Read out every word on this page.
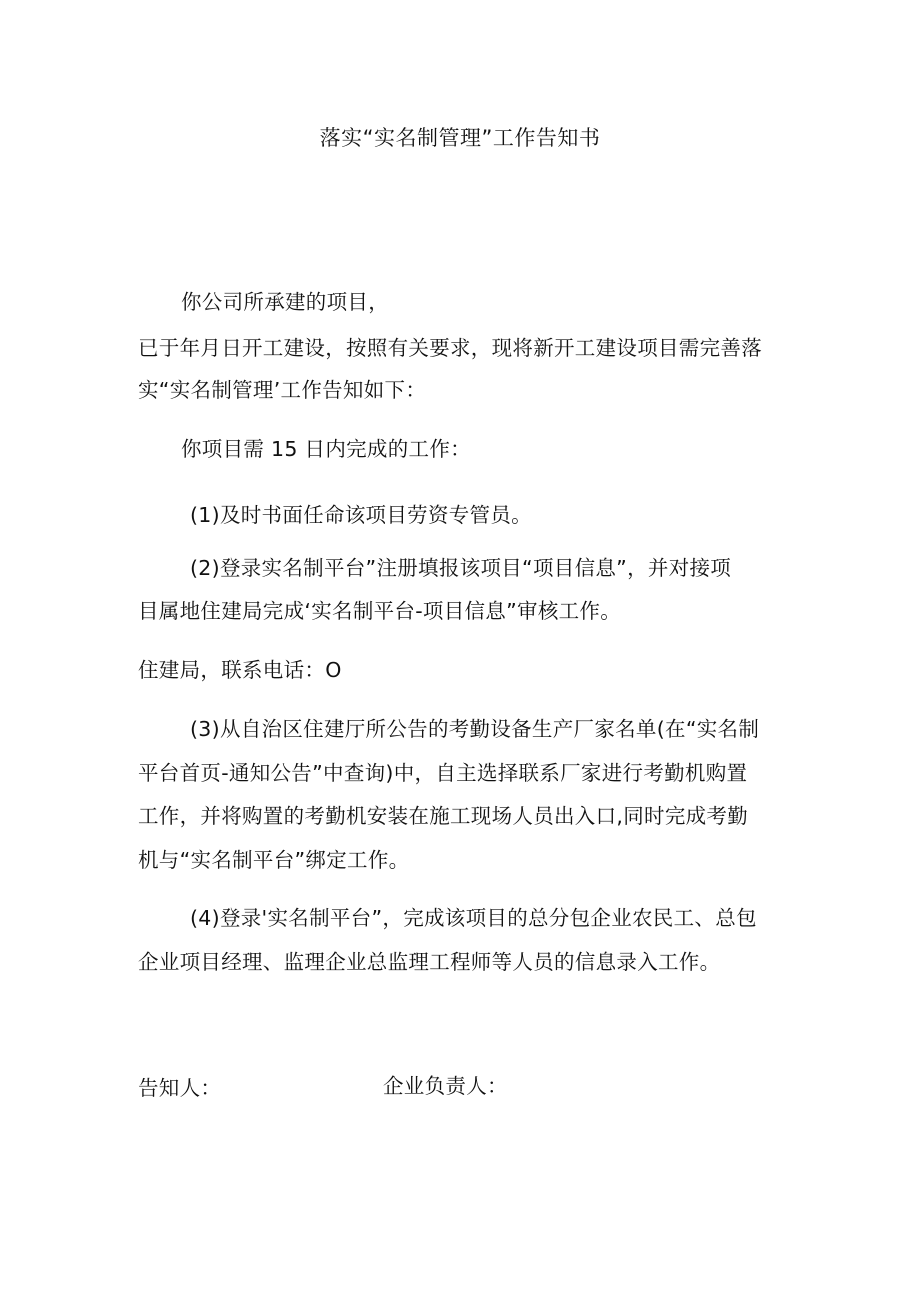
落实“实名制管理”工作告知书
你公司所承建的项目，
已于年月日开工建设，按照有关要求，现将新开工建设项目需完善落
实“实名制管理’工作告知如下：
你项目需 15 日内完成的工作：
(1)及时书面任命该项目劳资专管员。
(2)登录实名制平台”注册填报该项目“项目信息”，并对接项
目属地住建局完成‘实名制平台-项目信息”审核工作。
住建局，联系电话：O
(3)从自治区住建厅所公告的考勤设备生产厂家名单(在“实名制
平台首页-通知公告”中查询)中，自主选择联系厂家进行考勤机购置
工作，并将购置的考勤机安装在施工现场人员出入口,同时完成考勤
机与“实名制平台”绑定工作。
(4)登录'实名制平台”，完成该项目的总分包企业农民工、总包
企业项目经理、监理企业总监理工程师等人员的信息录入工作。
告知人：	企业负责人：
